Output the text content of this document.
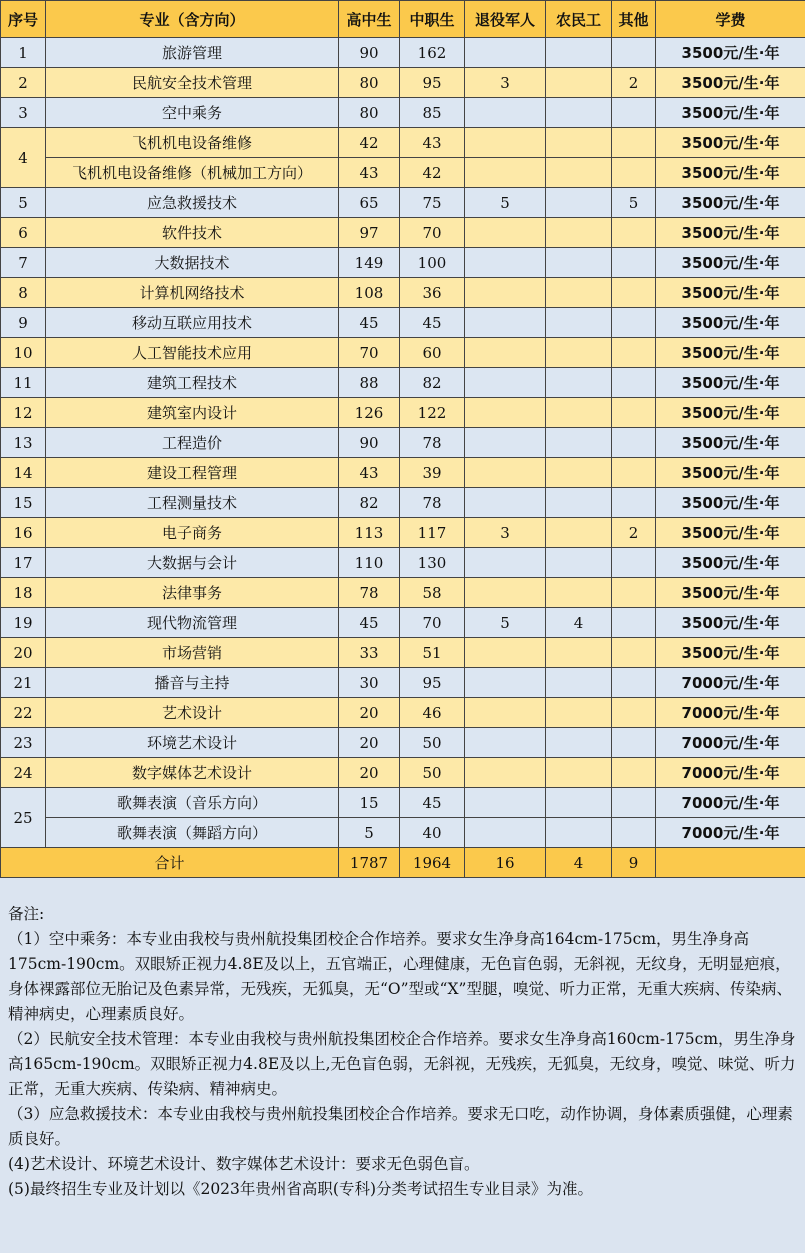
序号	专业（含方向）	高中生	中职生	退役军人	农民工	其他	学费
1	旅游管理	90	162				3500元/生·年
2	民航安全技术管理	80	95	3		2	3500元/生·年
3	空中乘务	80	85				3500元/生·年
4	飞机机电设备维修	42	43				3500元/生·年
	飞机机电设备维修（机械加工方向）	43	42				3500元/生·年
5	应急救援技术	65	75	5		5	3500元/生·年
6	软件技术	97	70				3500元/生·年
7	大数据技术	149	100				3500元/生·年
8	计算机网络技术	108	36				3500元/生·年
9	移动互联应用技术	45	45				3500元/生·年
10	人工智能技术应用	70	60				3500元/生·年
11	建筑工程技术	88	82				3500元/生·年
12	建筑室内设计	126	122				3500元/生·年
13	工程造价	90	78				3500元/生·年
14	建设工程管理	43	39				3500元/生·年
15	工程测量技术	82	78				3500元/生·年
16	电子商务	113	117	3		2	3500元/生·年
17	大数据与会计	110	130				3500元/生·年
18	法律事务	78	58				3500元/生·年
19	现代物流管理	45	70	5	4		3500元/生·年
20	市场营销	33	51				3500元/生·年
21	播音与主持	30	95				7000元/生·年
22	艺术设计	20	46				7000元/生·年
23	环境艺术设计	20	50				7000元/生·年
24	数字媒体艺术设计	20	50				7000元/生·年
25	歌舞表演（音乐方向）	15	45				7000元/生·年
	歌舞表演（舞蹈方向）	5	40				7000元/生·年
合计		1787	1964	16	4	9	

备注:

（1）空中乘务：本专业由我校与贵州航投集团校企合作培养。要求女生净身高164cm-175cm，男生净身高175cm-190cm。双眼矫正视力4.8E及以上，五官端正，心理健康，无色盲色弱，无斜视，无纹身，无明显疤痕，身体裸露部位无胎记及色素异常，无残疾，无狐臭，无“O”型或“X”型腿，嗅觉、听力正常，无重大疾病、传染病、精神病史，心理素质良好。

（2）民航安全技术管理：本专业由我校与贵州航投集团校企合作培养。要求女生净身高160cm-175cm，男生净身高165cm-190cm。双眼矫正视力4.8E及以上,无色盲色弱，无斜视，无残疾，无狐臭，无纹身，嗅觉、味觉、听力正常，无重大疾病、传染病、精神病史。

（3）应急救援技术：本专业由我校与贵州航投集团校企合作培养。要求无口吃，动作协调，身体素质强健，心理素质良好。

(4)艺术设计、环境艺术设计、数字媒体艺术设计：要求无色弱色盲。

(5)最终招生专业及计划以《2023年贵州省高职(专科)分类考试招生专业目录》为准。
